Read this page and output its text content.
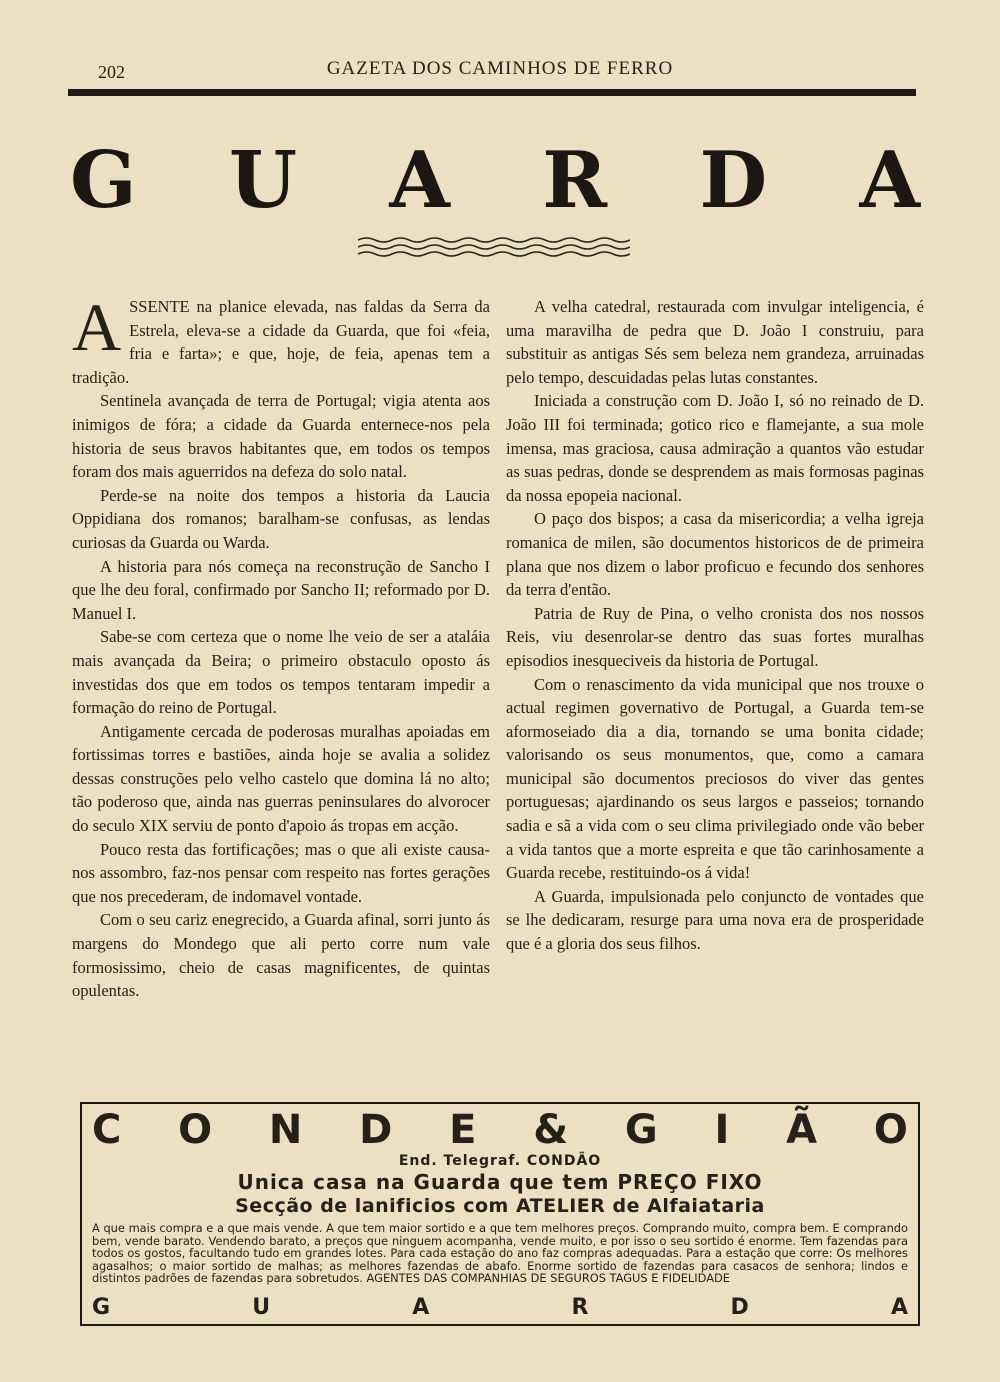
202	GAZETA DOS CAMINHOS DE FERRO
G U A R D A

ASSENTE na planice elevada, nas faldas da Serra da Estrela, eleva-se a cidade da Guarda, que foi «feia, fria e farta»; e que, hoje, de feia, apenas tem a tradição.

Sentinela avançada de terra de Portugal; vigia atenta aos inimigos de fóra; a cidade da Guarda enternece-nos pela historia de seus bravos habitantes que, em todos os tempos foram dos mais aguerridos na defeza do solo natal.

Perde-se na noite dos tempos a historia da Laucia Oppidiana dos romanos; baralham-se confusas, as lendas curiosas da Guarda ou Warda.

A historia para nós começa na reconstrução de Sancho I que lhe deu foral, confirmado por Sancho II; reformado por D. Manuel I.

Sabe-se com certeza que o nome lhe veio de ser a ataláia mais avançada da Beira; o primeiro obstaculo oposto ás investidas dos que em todos os tempos tentaram impedir a formação do reino de Portugal.

Antigamente cercada de poderosas muralhas apoiadas em fortissimas torres e bastiões, ainda hoje se avalia a solidez dessas construções pelo velho castelo que domina lá no alto; tão poderoso que, ainda nas guerras peninsulares do alvorocer do seculo XIX serviu de ponto d'apoio ás tropas em acção.

Pouco resta das fortificações; mas o que ali existe causa-nos assombro, faz-nos pensar com respeito nas fortes gerações que nos precederam, de indomavel vontade.

Com o seu cariz enegrecido, a Guarda afinal, sorri junto ás margens do Mondego que ali perto corre num vale formosissimo, cheio de casas magnificentes, de quintas opulentas.

A velha catedral, restaurada com invulgar inteligencia, é uma maravilha de pedra que D. João I construiu, para substituir as antigas Sés sem beleza nem grandeza, arruinadas pelo tempo, descuidadas pelas lutas constantes.

Iniciada a construção com D. João I, só no reinado de D. João III foi terminada; gotico rico e flamejante, a sua mole imensa, mas graciosa, causa admiração a quantos vão estudar as suas pedras, donde se desprendem as mais formosas paginas da nossa epopeia nacional.

O paço dos bispos; a casa da misericordia; a velha igreja romanica de milen, são documentos historicos de de primeira plana que nos dizem o labor proficuo e fecundo dos senhores da terra d'então.

Patria de Ruy de Pina, o velho cronista dos nos nossos Reis, viu desenrolar-se dentro das suas fortes muralhas episodios inesqueciveis da historia de Portugal.

Com o renascimento da vida municipal que nos trouxe o actual regimen governativo de Portugal, a Guarda tem-se aformoseiado dia a dia, tornando se uma bonita cidade; valorisando os seus monumentos, que, como a camara municipal são documentos preciosos do viver das gentes portuguesas; ajardinando os seus largos e passeios; tornando sadia e sã a vida com o seu clima privilegiado onde vão beber a vida tantos que a morte espreita e que tão carinhosamente a Guarda recebe, restituindo-os á vida!

A Guarda, impulsionada pelo conjuncto de vontades que se lhe dedicaram, resurge para uma nova era de prosperidade que é a gloria dos seus filhos.

C O N D E & G I Ã O
End. Telegraf. CONDÃO
Unica casa na Guarda que tem PREÇO FIXO
Secção de lanificios com ATELIER de Alfaiataria
A que mais compra e a que mais vende. A que tem maior sortido e a que tem melhores preços. Comprando muito, compra bem. E comprando bem, vende barato. Vendendo barato, a preços que ninguem acompanha, vende muito, e por isso o seu sortido é enorme. Tem fazendas para todos os gostos, facultando tudo em grandes lotes. Para cada estação do ano faz compras adequadas. Para a estação que corre: Os melhores agasalhos; o maior sortido de malhas; as melhores fazendas de abafo. Enorme sortido de fazendas para casacos de senhora; lindos e distintos padrões de fazendas para sobretudos. AGENTES DAS COMPANHIAS DE SEGUROS TAGUS E FIDELIDADE
G	U	A	R	D	A
